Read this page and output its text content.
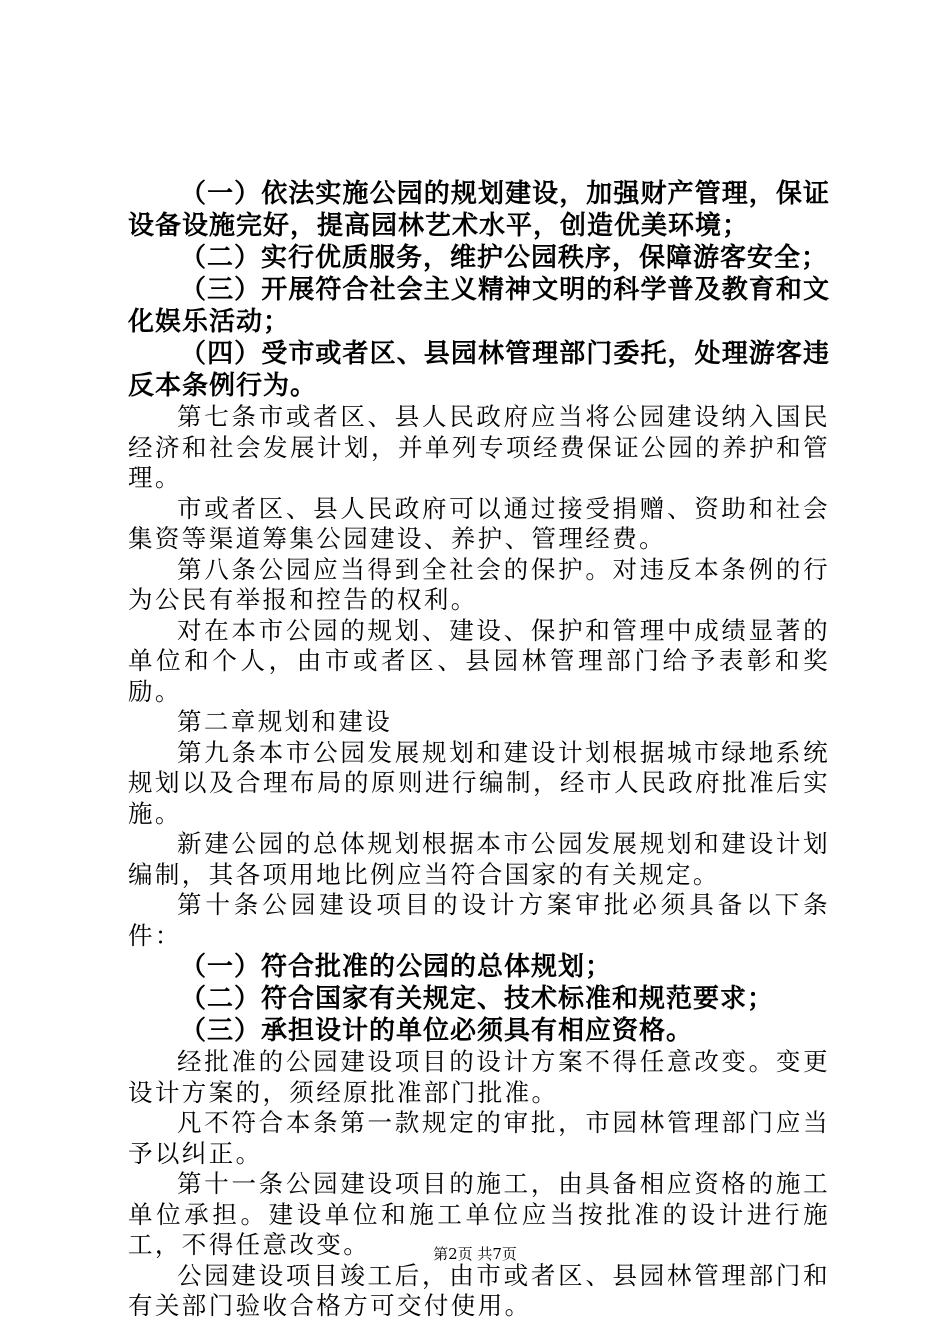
（一）依法实施公园的规划建设，加强财产管理，保证设备设施完好，提高园林艺术水平，创造优美环境；

（二）实行优质服务，维护公园秩序，保障游客安全；

（三）开展符合社会主义精神文明的科学普及教育和文化娱乐活动；

（四）受市或者区、县园林管理部门委托，处理游客违反本条例行为。

第七条市或者区、县人民政府应当将公园建设纳入国民经济和社会发展计划，并单列专项经费保证公园的养护和管理。

市或者区、县人民政府可以通过接受捐赠、资助和社会集资等渠道筹集公园建设、养护、管理经费。

第八条公园应当得到全社会的保护。对违反本条例的行为公民有举报和控告的权利。

对在本市公园的规划、建设、保护和管理中成绩显著的单位和个人，由市或者区、县园林管理部门给予表彰和奖励。

第二章规划和建设

第九条本市公园发展规划和建设计划根据城市绿地系统规划以及合理布局的原则进行编制，经市人民政府批准后实施。

新建公园的总体规划根据本市公园发展规划和建设计划编制，其各项用地比例应当符合国家的有关规定。

第十条公园建设项目的设计方案审批必须具备以下条件：

（一）符合批准的公园的总体规划；

（二）符合国家有关规定、技术标准和规范要求；

（三）承担设计的单位必须具有相应资格。

经批准的公园建设项目的设计方案不得任意改变。变更设计方案的，须经原批准部门批准。

凡不符合本条第一款规定的审批，市园林管理部门应当予以纠正。

第十一条公园建设项目的施工，由具备相应资格的施工单位承担。建设单位和施工单位应当按批准的设计进行施工，不得任意改变。

公园建设项目竣工后，由市或者区、县园林管理部门和有关部门验收合格方可交付使用。

第2页 共7页
